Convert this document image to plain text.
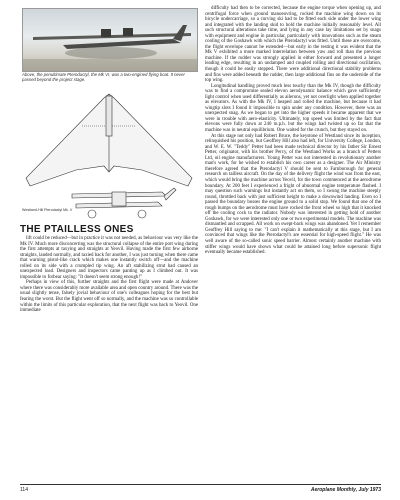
Above, the penultimate Pterodactyl, the Mk VI, was a two-engined flying boat. It never passed beyond the project stage.
Westland-Hill Pterodactyl Mk. V
THE PTAILLESS ONES

lift could be reduced—but in practice it was not needed, as behaviour was very like the Mk IV. Much more disconcerting was the structural collapse of the entire port wing during the first attempts at taxying and straights at Yeovil. Having made the first few airborne straights, landed normally, and taxied back for another, I was just turning when there came that warning pistol-like crack which makes one instantly switch off—and the machine rolled on its side with a crumpled tip wing. An aft stabilizing strut had caused an unexpected load. Designers and inspectors came panting up as I climbed out. It was impossible to forbear saying: "It doesn't seem strong enough!"

Perhaps in view of this, further straights and the first flight were made at Andover where there was considerably more available area and open country around. There was the usual slightly tense, falsely jovial behaviour of one's colleagues hoping for the best but fearing the worst. But the flight went off so normally, and the machine was so controllable within the limits of this particular exploration, that the next flight was back to Yeovil. One immediate

difficulty had then to be corrected, because the engine torque when opening up, and centrifugal force when ground manoeuvring, rocked the machine wing down on its bicycle undercarriage, so a curving ski had to be fitted each side under the lower wing and integrated with the landing skid to hold the machine initially reasonably level. All such structural alterations take time, and lying in any case lay limitations set by snags with equipment and engine in particular, particularly with innovations such as the steam cooling of the Goshawk with which the Pterodactyl was fitted. Until these are overcome, the flight envelope cannot be extended—but early in the testing it was evident that the Mk V exhibited a more marked interrelation between yaw and roll than the previous machine. If the rudder was strongly applied in either forward and presented a longer leading edge, resulting in an undamped and coupled rolling and directional oscillation, though it could be easily stopped. There were additional directional stability problems and fins were added beneath the rudder, then large additional fins on the underside of the top wing.

Longitudinal handling proved much less touchy than the Mk IV, though the difficulty was to find a compromise sealed elevon aerodynamic balance which gave sufficiently light control when used differentially as ailerons, yet not overlight when applied together as elevators. As with the Mk IV, I heaped and rolled the machine, but because it had wingtip slots I found it impossible to spin under any condition. However, there was an unexpected snag. As we began to get into the higher speeds it became apparent that we were in trouble with aero-elasticity. Ultimately, top speed was limited by the fact that elevons were fully down at 240 m.p.h. but the wings had twisted up so far that the machine was in neutral equilibrium. One waited for the crunch, but they stayed on.

At this stage not only had Robert Bruce, the keystone of Westland since its inception, relinquished his position, but Geoffrey Hill also had left, for University College, London, and W. E. W. "Teddy" Petter had been made technical director by his father Sir Ernest Petter, originator, with his brother Percy, of the Westland Works as a branch of Petters Ltd, oil engine manufacturers. Young Petter was not interested in revolutionary another man's work, for he wished to establish his own career as a designer. The Air Ministry therefore agreed that the Pterodactyl V should be sent to Farnborough for general research on tailless aircraft. On the day of the delivery flight the wind was from the east, which would bring the machine across Yeovil, for the town commenced at the aerodrome boundary. At 200 feet I experienced a fright of abnormal engine temperature flashed. I may question such warnings but instantly act on them, so I swung the machine steeply round, throttled back with just sufficient height to make a downwind landing. Even so I passed the boundary bosses the engine ground to a solid stop. We found that one of the rough bumps on the aerodrome must have rocked the front wheel so high that it knocked off the cooling cock to the radiator. Nobody was interested in getting hold of another Goshawk, for we were interested only one or two experimental models. The machine was dismantled and scrapped. All work on swept-back wings was abandoned. Yet I remember Geoffrey Hill saying to me: "I can't explain it mathematically at this stage, but I am convinced that wings like the Pterodactyl's are essential for high-speed flight." He was well aware of the so-called sonic speed barrier. Almost certainly another machine with stiffer wings would have shown what could be attained long before supersonic flight eventually became established.

114	Aeroplane Monthly, July 1973
